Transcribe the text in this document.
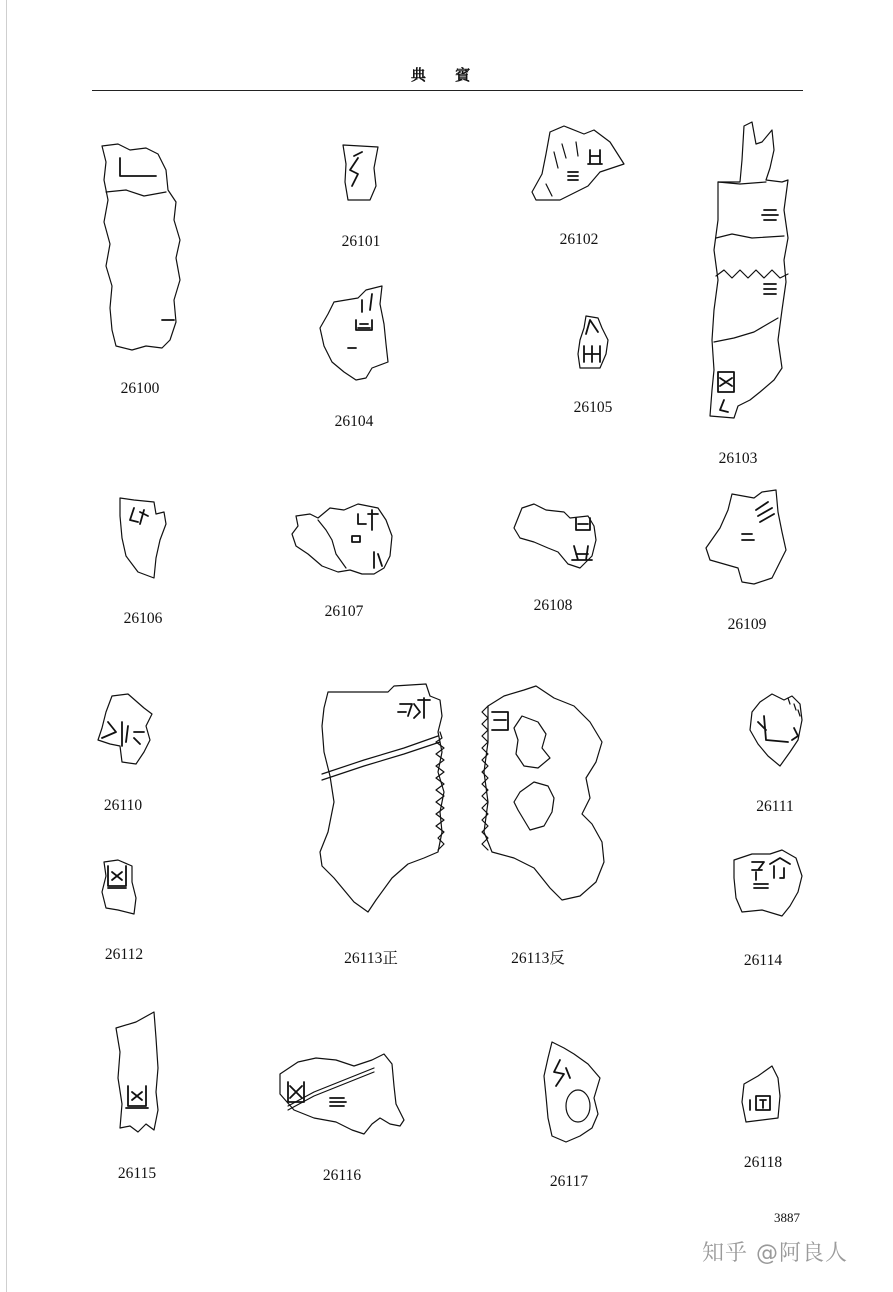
典 賓
26100
26101	26102
26103
26104
26105
26106	26107	26108
26109
26110	26111
26112	26113正	26113反	26114
26115	26116	26117
26118
3887
知乎 @阿良人
